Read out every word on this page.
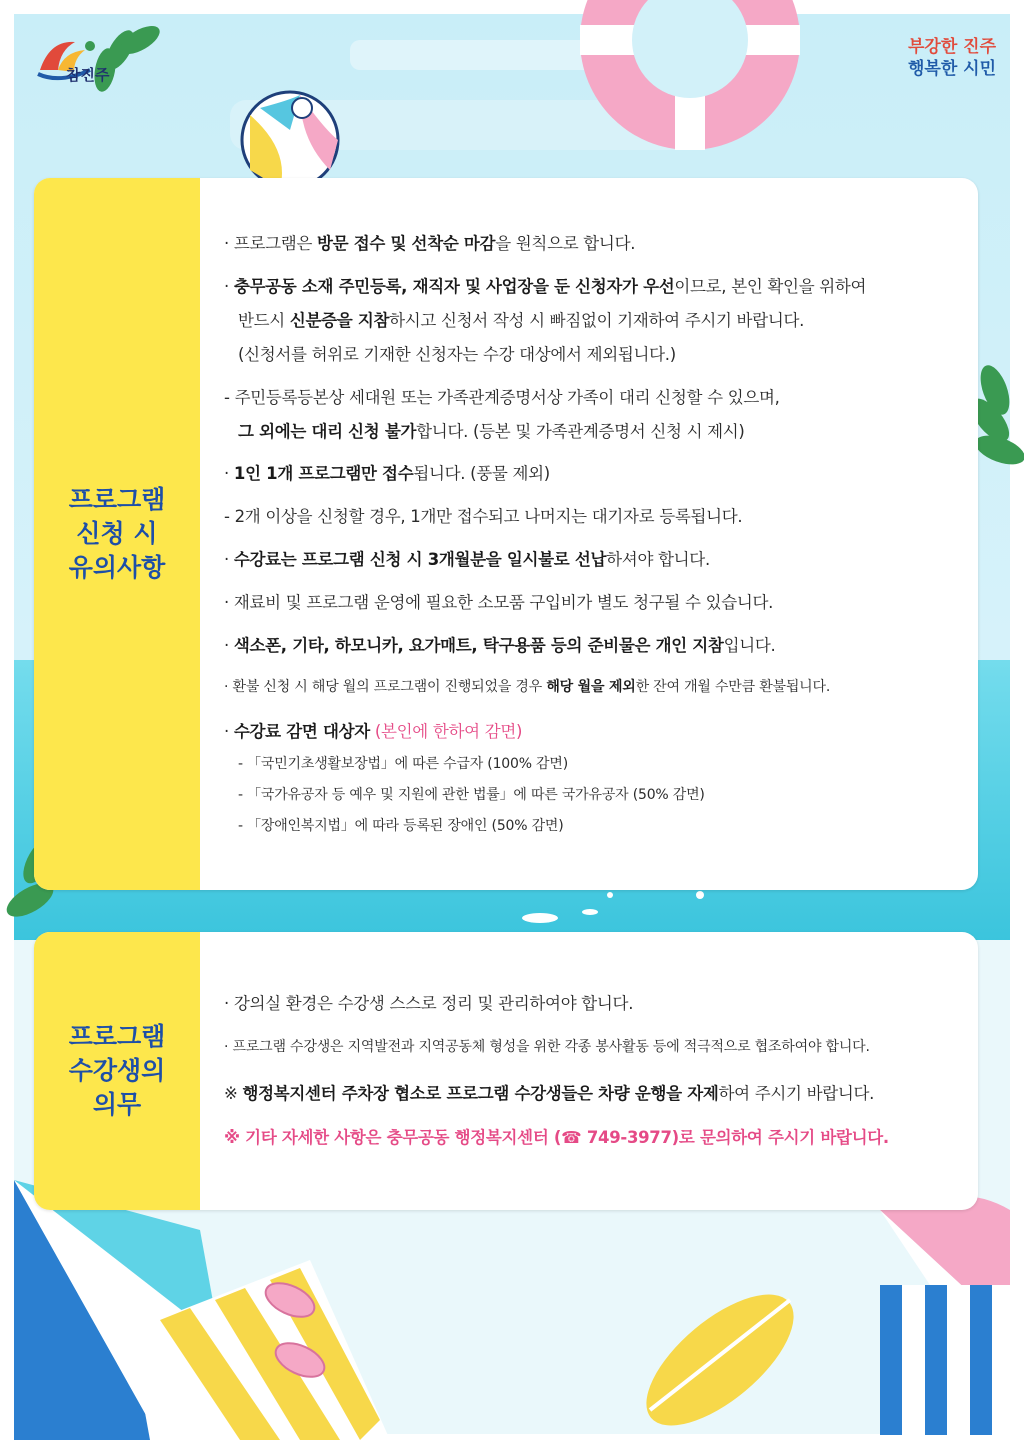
참진주
부강한 진주
행복한 시민
프로그램
신청 시
유의사항
· 프로그램은 방문 접수 및 선착순 마감을 원칙으로 합니다.
· 충무공동 소재 주민등록, 재직자 및 사업장을 둔 신청자가 우선이므로, 본인 확인을 위하여
반드시 신분증을 지참하시고 신청서 작성 시 빠짐없이 기재하여 주시기 바랍니다.
(신청서를 허위로 기재한 신청자는 수강 대상에서 제외됩니다.)
- 주민등록등본상 세대원 또는 가족관계증명서상 가족이 대리 신청할 수 있으며,
그 외에는 대리 신청 불가합니다. (등본 및 가족관계증명서 신청 시 제시)
· 1인 1개 프로그램만 접수됩니다. (풍물 제외)
- 2개 이상을 신청할 경우, 1개만 접수되고 나머지는 대기자로 등록됩니다.
· 수강료는 프로그램 신청 시 3개월분을 일시불로 선납하셔야 합니다.
· 재료비 및 프로그램 운영에 필요한 소모품 구입비가 별도 청구될 수 있습니다.
· 색소폰, 기타, 하모니카, 요가매트, 탁구용품 등의 준비물은 개인 지참입니다.
· 환불 신청 시 해당 월의 프로그램이 진행되었을 경우 해당 월을 제외한 잔여 개월 수만큼 환불됩니다.
· 수강료 감면 대상자 (본인에 한하여 감면)
- 「국민기초생활보장법」에 따른 수급자 (100% 감면)
- 「국가유공자 등 예우 및 지원에 관한 법률」에 따른 국가유공자 (50% 감면)
- 「장애인복지법」에 따라 등록된 장애인 (50% 감면)
프로그램
수강생의
의무
· 강의실 환경은 수강생 스스로 정리 및 관리하여야 합니다.
· 프로그램 수강생은 지역발전과 지역공동체 형성을 위한 각종 봉사활동 등에 적극적으로 협조하여야 합니다.
※ 행정복지센터 주차장 협소로 프로그램 수강생들은 차량 운행을 자제하여 주시기 바랍니다.
※ 기타 자세한 사항은 충무공동 행정복지센터 (☎ 749-3977)로 문의하여 주시기 바랍니다.
